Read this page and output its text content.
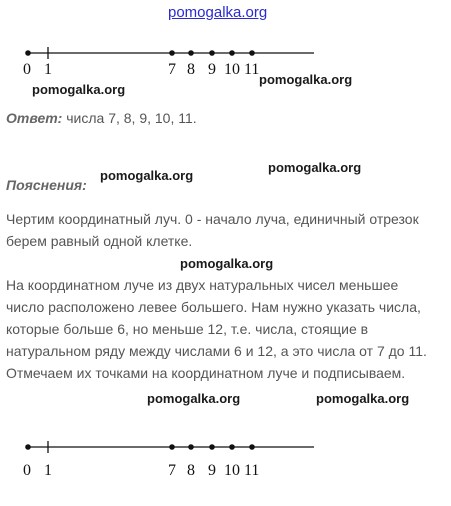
pomogalka.org
0 1	7 8 9 10 11
pomogalka.org
pomogalka.org
Ответ: числа 7, 8, 9, 10, 11.
pomogalka.org
pomogalka.org
Пояснения:
Чертим координатный луч. 0 - начало луча, единичный отрезок берем равный одной клетке.
pomogalka.org
На координатном луче из двух натуральных чисел меньшее число расположено левее большего. Нам нужно указать числа, которые больше 6, но меньше 12, т.е. числа, стоящие в натуральном ряду между числами 6 и 12, а это числа от 7 до 11. Отмечаем их точками на координатном луче и подписываем.
pomogalka.org	pomogalka.org
0 1	7 8 9 10 11
